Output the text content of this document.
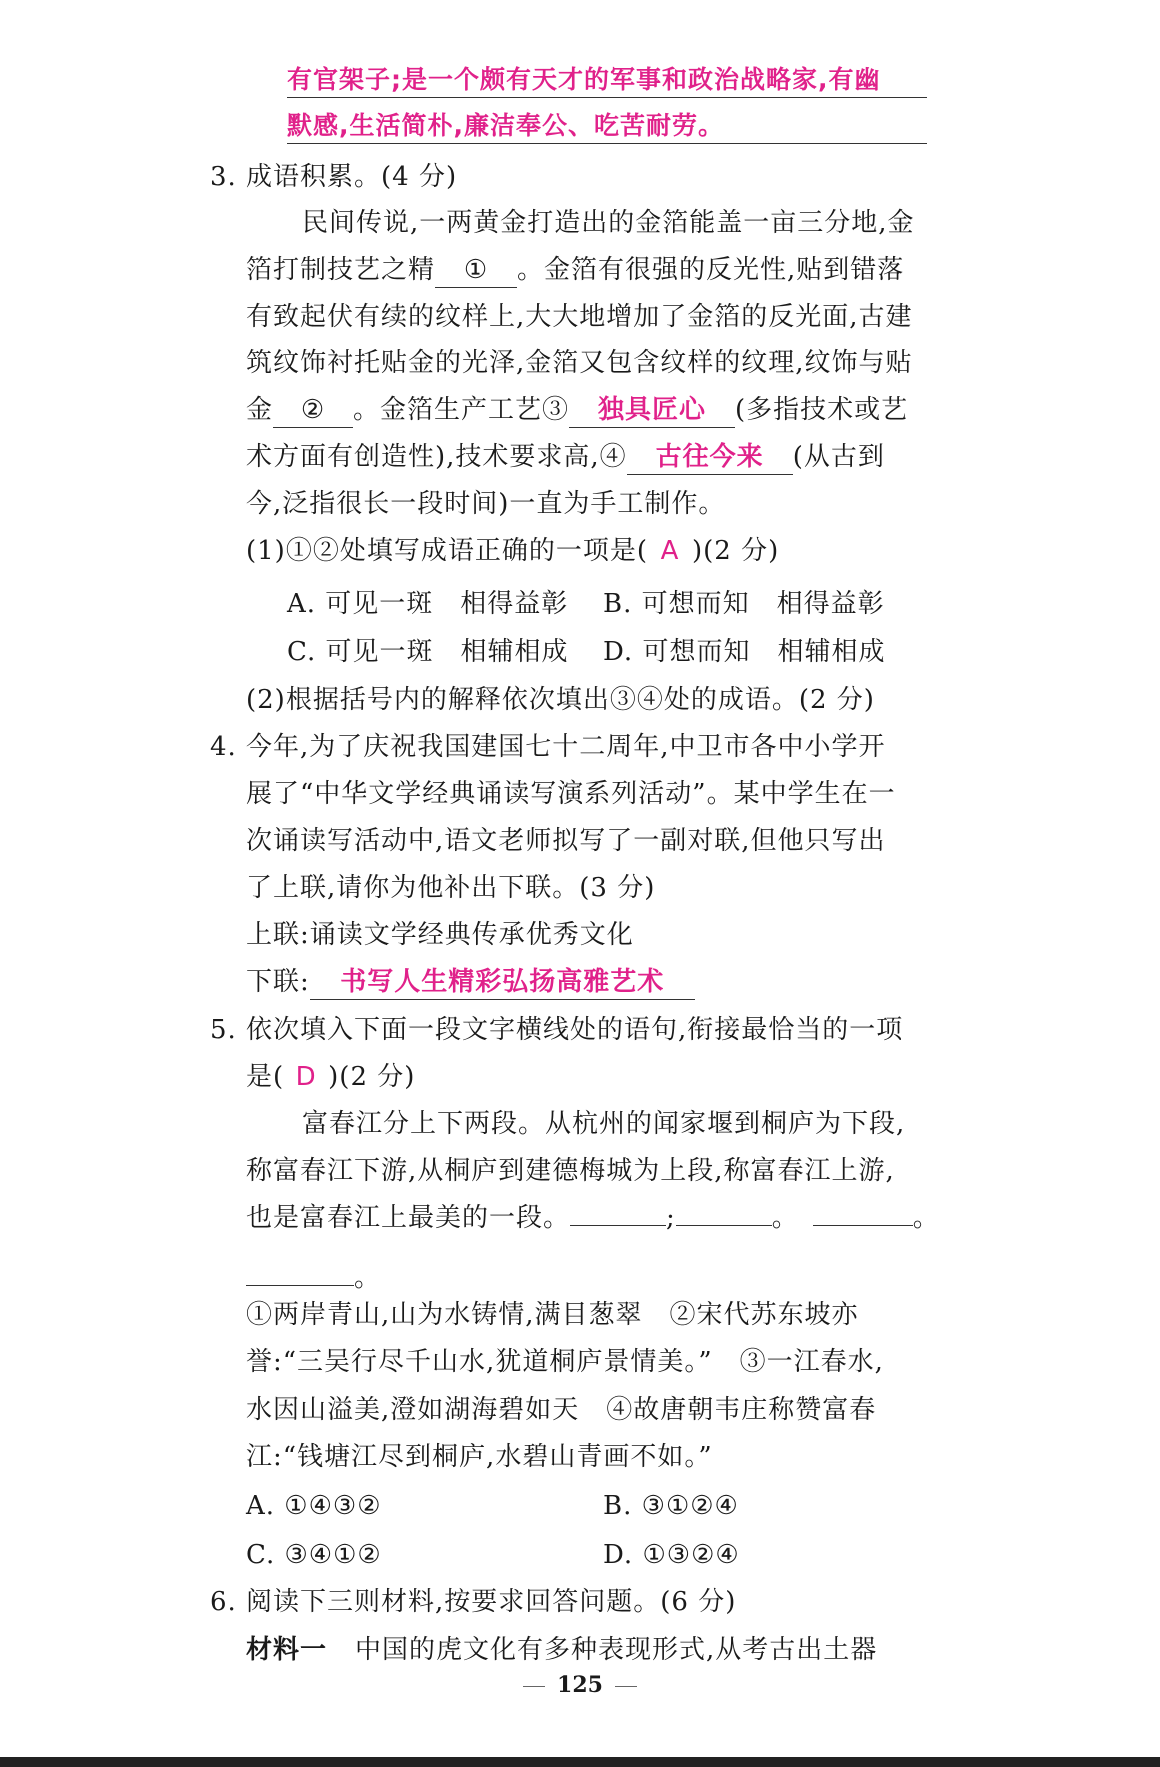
有官架子;是一个颇有天才的军事和政治战略家,有幽
默感,生活简朴,廉洁奉公、吃苦耐劳。
3. 成语积累。(4 分)
民间传说,一两黄金打造出的金箔能盖一亩三分地,金
箔打制技艺之精 ① 。金箔有很强的反光性,贴到错落
有致起伏有续的纹样上,大大地增加了金箔的反光面,古建
筑纹饰衬托贴金的光泽,金箔又包含纹样的纹理,纹饰与贴
金 ② 。金箔生产工艺③ 独具匠心 (多指技术或艺
术方面有创造性),技术要求高,④ 古往今来 (从古到
今,泛指很长一段时间)一直为手工制作。
(1)①②处填写成语正确的一项是( A )(2 分)
A. 可见一斑　相得益彰 B. 可想而知　相得益彰
C. 可见一斑　相辅相成 D. 可想而知　相辅相成
(2)根据括号内的解释依次填出③④处的成语。(2 分)
4. 今年,为了庆祝我国建国七十二周年,中卫市各中小学开
展了“中华文学经典诵读写演系列活动”。某中学生在一
次诵读写活动中,语文老师拟写了一副对联,但他只写出
了上联,请你为他补出下联。(3 分)
上联:诵读文学经典传承优秀文化
下联: 书写人生精彩弘扬高雅艺术
5. 依次填入下面一段文字横线处的语句,衔接最恰当的一项
是( D )(2 分)
富春江分上下两段。从杭州的闻家堰到桐庐为下段,
称富春江下游,从桐庐到建德梅城为上段,称富春江上游,
也是富春江上最美的一段。	;	。	。
。
①两岸青山,山为水铸情,满目葱翠　②宋代苏东坡亦
誉:“三吴行尽千山水,犹道桐庐景情美。”　③一江春水,
水因山溢美,澄如湖海碧如天　④故唐朝韦庄称赞富春
江:“钱塘江尽到桐庐,水碧山青画不如。”
A. ①④③②	B. ③①②④
C. ③④①②	D. ①③②④
6. 阅读下三则材料,按要求回答问题。(6 分)
材料一 中国的虎文化有多种表现形式,从考古出土器
125
